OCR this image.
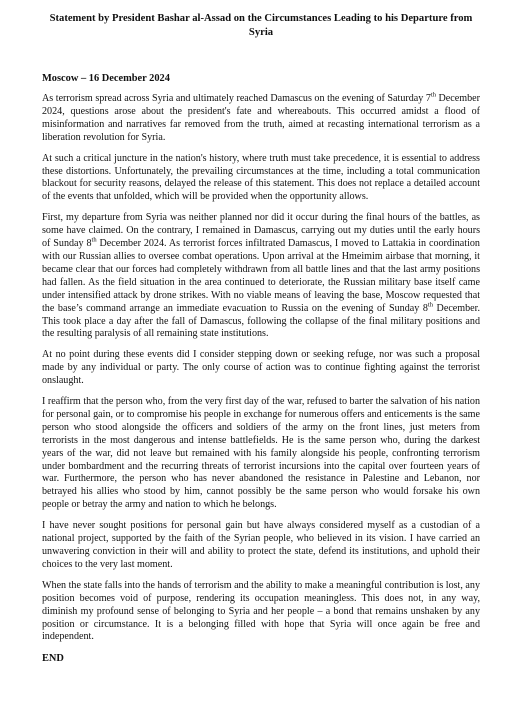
Statement by President Bashar al-Assad on the Circumstances Leading to his Departure from Syria
Moscow – 16 December 2024

As terrorism spread across Syria and ultimately reached Damascus on the evening of Saturday 7th December 2024, questions arose about the president's fate and whereabouts. This occurred amidst a flood of misinformation and narratives far removed from the truth, aimed at recasting international terrorism as a liberation revolution for Syria.

At such a critical juncture in the nation's history, where truth must take precedence, it is essential to address these distortions. Unfortunately, the prevailing circumstances at the time, including a total communication blackout for security reasons, delayed the release of this statement. This does not replace a detailed account of the events that unfolded, which will be provided when the opportunity allows.

First, my departure from Syria was neither planned nor did it occur during the final hours of the battles, as some have claimed. On the contrary, I remained in Damascus, carrying out my duties until the early hours of Sunday 8th December 2024. As terrorist forces infiltrated Damascus, I moved to Lattakia in coordination with our Russian allies to oversee combat operations. Upon arrival at the Hmeimim airbase that morning, it became clear that our forces had completely withdrawn from all battle lines and that the last army positions had fallen. As the field situation in the area continued to deteriorate, the Russian military base itself came under intensified attack by drone strikes. With no viable means of leaving the base, Moscow requested that the base’s command arrange an immediate evacuation to Russia on the evening of Sunday 8th December. This took place a day after the fall of Damascus, following the collapse of the final military positions and the resulting paralysis of all remaining state institutions.

At no point during these events did I consider stepping down or seeking refuge, nor was such a proposal made by any individual or party. The only course of action was to continue fighting against the terrorist onslaught.

I reaffirm that the person who, from the very first day of the war, refused to barter the salvation of his nation for personal gain, or to compromise his people in exchange for numerous offers and enticements is the same person who stood alongside the officers and soldiers of the army on the front lines, just meters from terrorists in the most dangerous and intense battlefields. He is the same person who, during the darkest years of the war, did not leave but remained with his family alongside his people, confronting terrorism under bombardment and the recurring threats of terrorist incursions into the capital over fourteen years of war. Furthermore, the person who has never abandoned the resistance in Palestine and Lebanon, nor betrayed his allies who stood by him, cannot possibly be the same person who would forsake his own people or betray the army and nation to which he belongs.

I have never sought positions for personal gain but have always considered myself as a custodian of a national project, supported by the faith of the Syrian people, who believed in its vision. I have carried an unwavering conviction in their will and ability to protect the state, defend its institutions, and uphold their choices to the very last moment.

When the state falls into the hands of terrorism and the ability to make a meaningful contribution is lost, any position becomes void of purpose, rendering its occupation meaningless. This does not, in any way, diminish my profound sense of belonging to Syria and her people – a bond that remains unshaken by any position or circumstance. It is a belonging filled with hope that Syria will once again be free and independent.

END
